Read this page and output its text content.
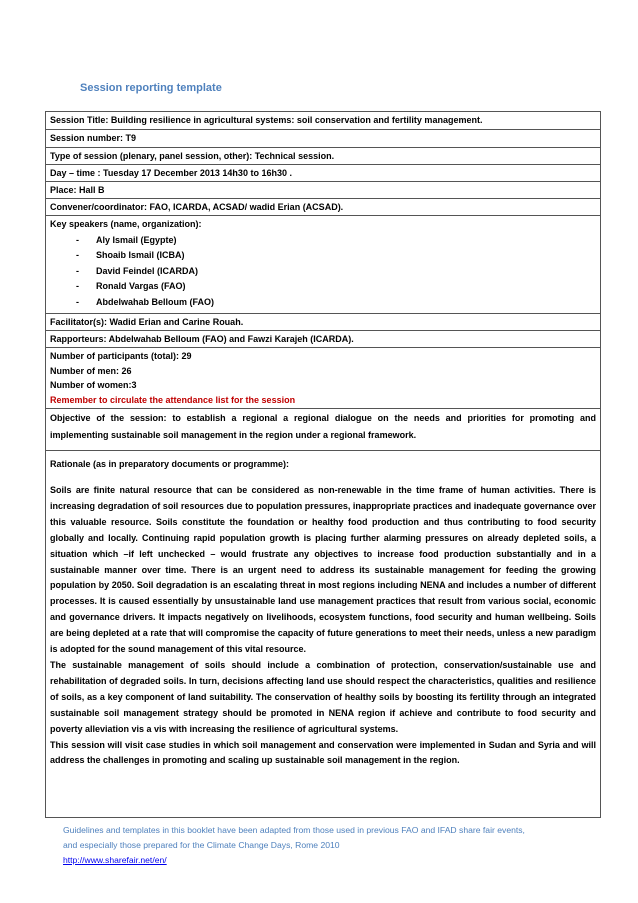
Session reporting template
Session Title: Building resilience in agricultural systems: soil conservation and fertility management.
Session number: T9
Type of session (plenary, panel session, other): Technical session.
Day – time : Tuesday 17 December 2013 14h30 to 16h30 .
Place: Hall B
Convener/coordinator: FAO, ICARDA, ACSAD/ wadid Erian (ACSAD).
Key speakers (name, organization):
- Aly Ismail (Egypte)
- Shoaib Ismail (ICBA)
- David Feindel (ICARDA)
- Ronald Vargas (FAO)
- Abdelwahab Belloum (FAO)
Facilitator(s): Wadid Erian and Carine Rouah.
Rapporteurs: Abdelwahab Belloum (FAO) and Fawzi Karajeh (ICARDA).
Number of participants (total): 29
Number of men: 26
Number of women:3
Remember to circulate the attendance list for the session
Objective of the session: to establish a regional a regional dialogue on the needs and priorities for promoting and implementing sustainable soil management in the region under a regional framework.
Rationale (as in preparatory documents or programme):

Soils are finite natural resource that can be considered as non-renewable in the time frame of human activities. There is increasing degradation of soil resources due to population pressures, inappropriate practices and inadequate governance over this valuable resource. Soils constitute the foundation or healthy food production and thus contributing to food security globally and locally. Continuing rapid population growth is placing further alarming pressures on already depleted soils, a situation which –if left unchecked – would frustrate any objectives to increase food production substantially and in a sustainable manner over time. There is an urgent need to address its sustainable management for feeding the growing population by 2050. Soil degradation is an escalating threat in most regions including NENA and includes a number of different processes. It is caused essentially by unsustainable land use management practices that result from various social, economic and governance drivers. It impacts negatively on livelihoods, ecosystem functions, food security and human wellbeing. Soils are being depleted at a rate that will compromise the capacity of future generations to meet their needs, unless a new paradigm is adopted for the sound management of this vital resource.

The sustainable management of soils should include a combination of protection, conservation/sustainable use and rehabilitation of degraded soils. In turn, decisions affecting land use should respect the characteristics, qualities and resilience of soils, as a key component of land suitability. The conservation of healthy soils by boosting its fertility through an integrated sustainable soil management strategy should be promoted in NENA region if achieve and contribute to food security and poverty alleviation vis a vis with increasing the resilience of agricultural systems.

This session will visit case studies in which soil management and conservation were implemented in Sudan and Syria and will address the challenges in promoting and scaling up sustainable soil management in the region.

Guidelines and templates in this booklet have been adapted from those used in previous FAO and IFAD share fair events,
and especially those prepared for the Climate Change Days, Rome 2010
http://www.sharefair.net/en/
